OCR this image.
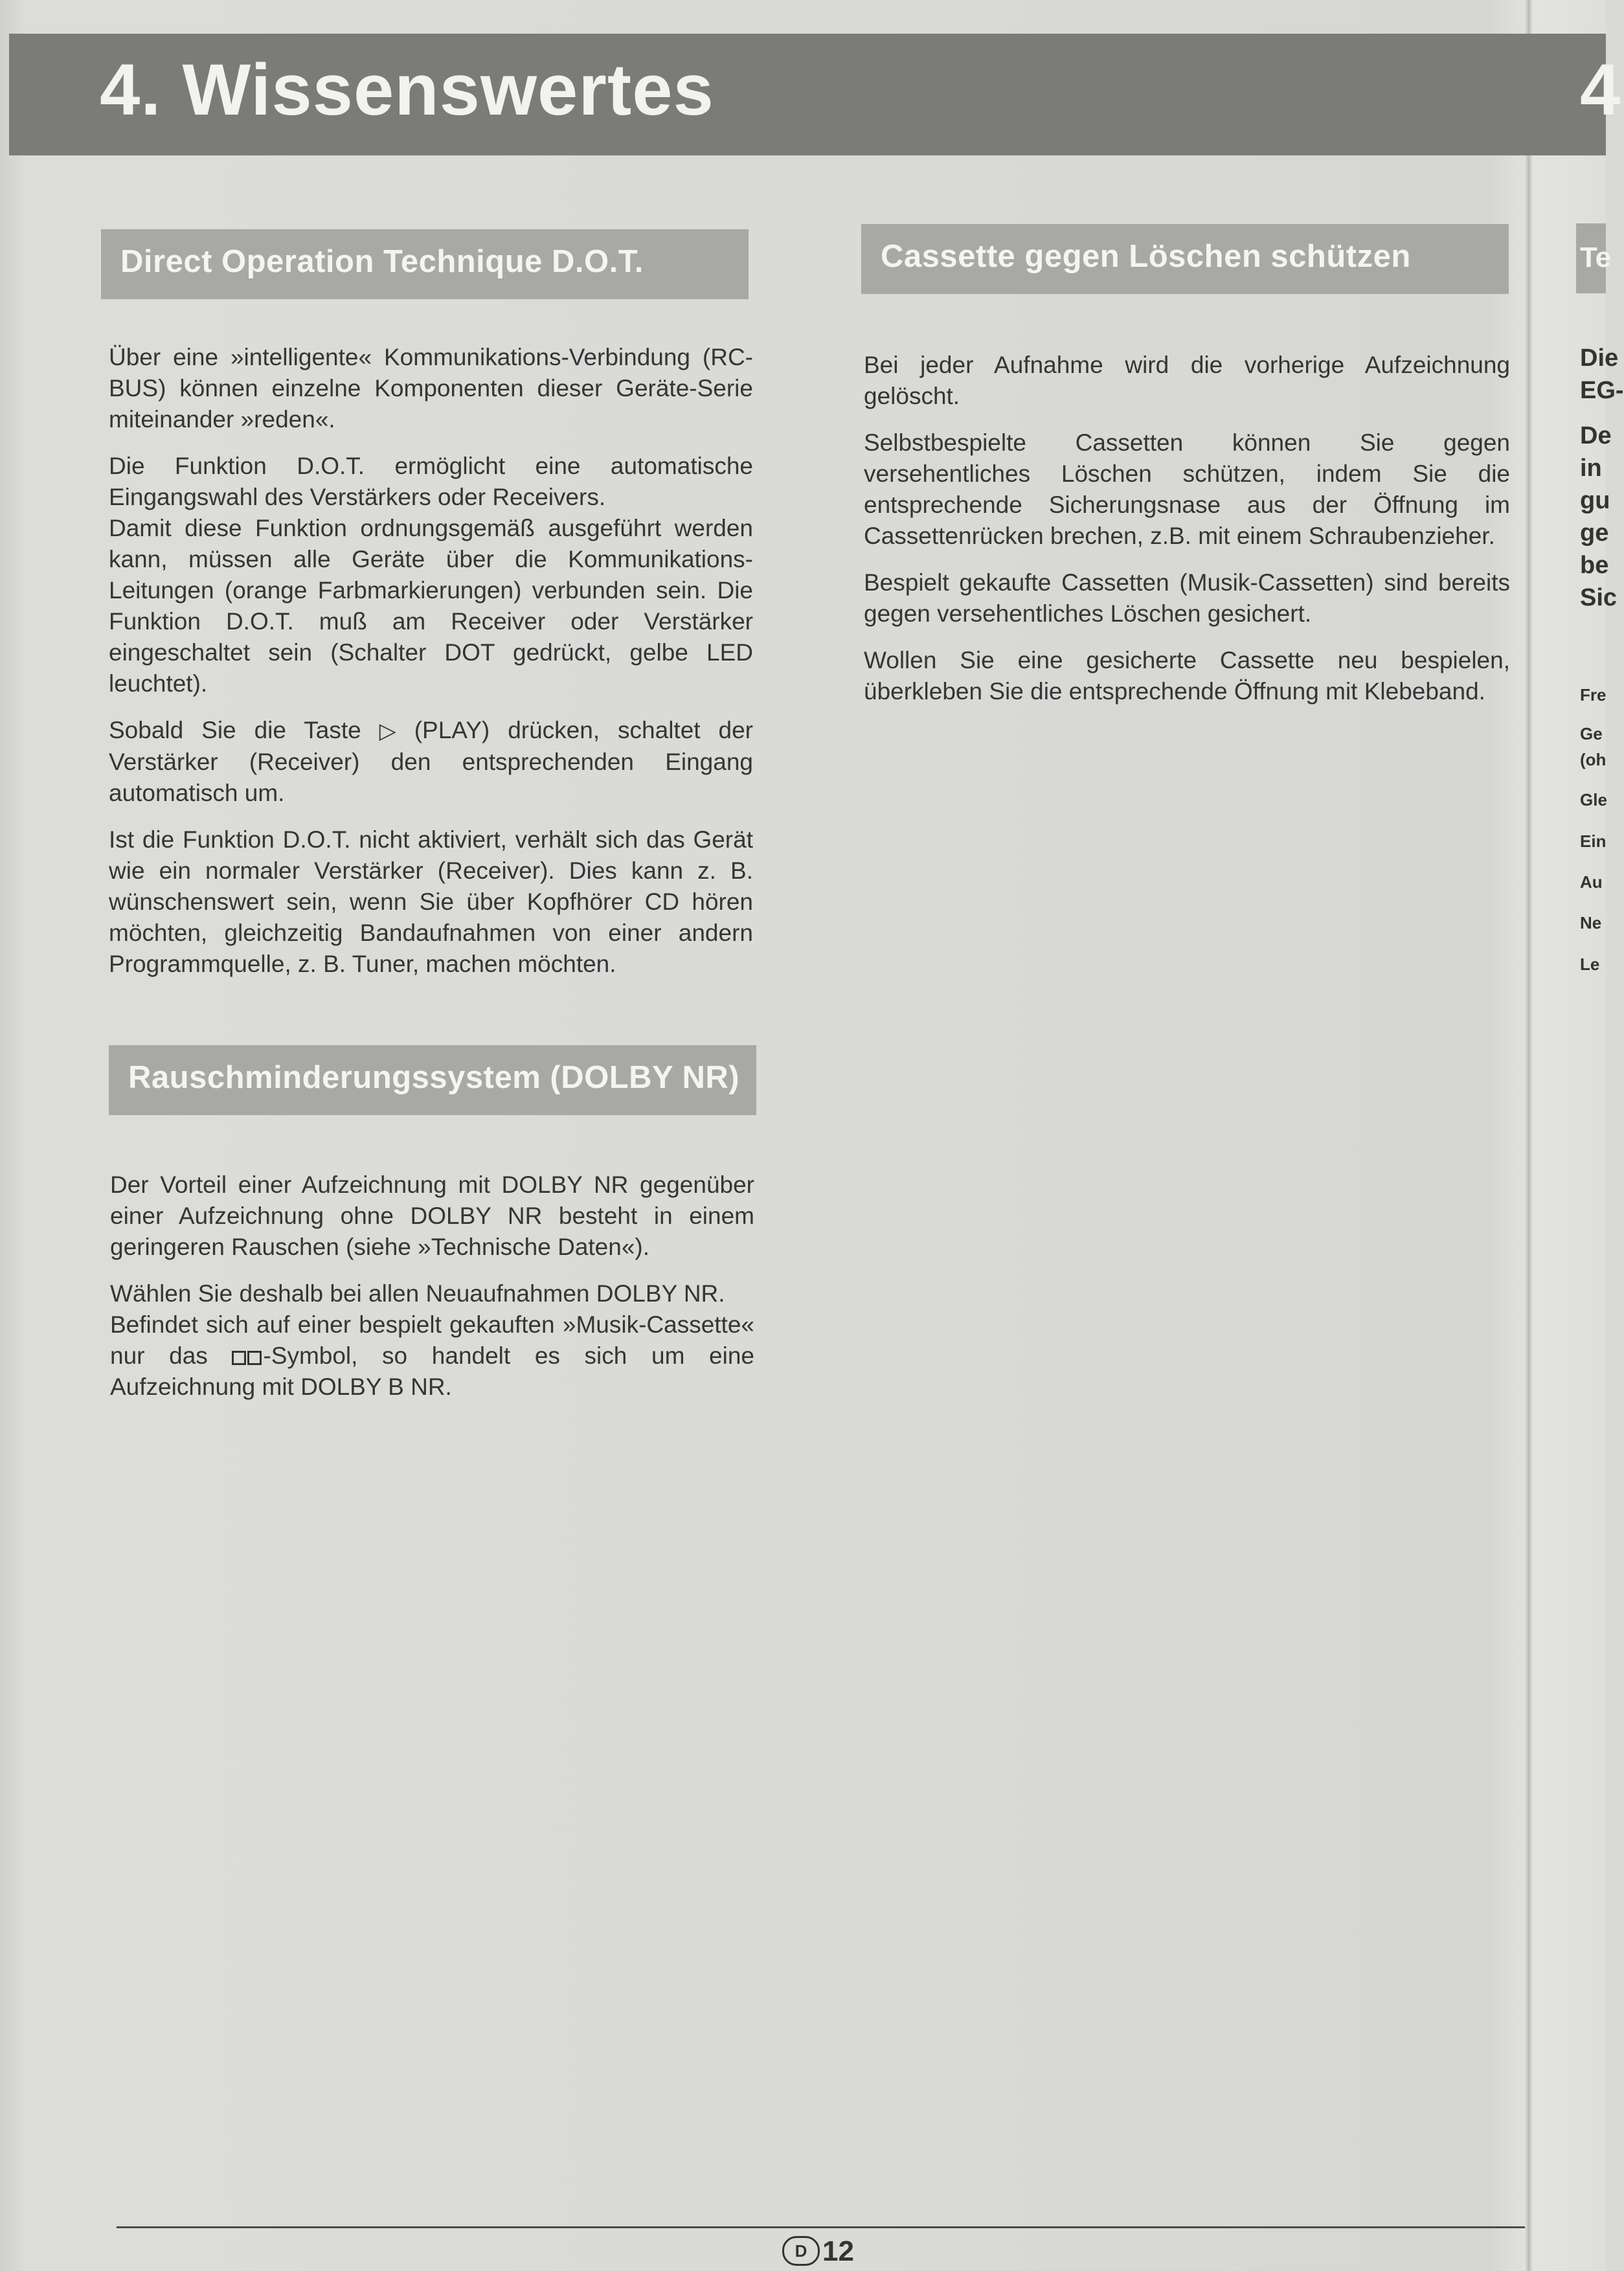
4. Wissenswertes	4
Direct Operation Technique D.O.T.

Über eine »intelligente« Kommunikations-Verbindung (RC-BUS) können einzelne Komponenten dieser Geräte-Serie miteinander »reden«.

Die Funktion D.O.T. ermöglicht eine automatische Eingangswahl des Verstärkers oder Receivers.

Damit diese Funktion ordnungsgemäß ausgeführt werden kann, müssen alle Geräte über die Kommunikations-Leitungen (orange Farbmarkierungen) verbunden sein. Die Funktion D.O.T. muß am Receiver oder Verstärker eingeschaltet sein (Schalter DOT gedrückt, gelbe LED leuchtet).

Sobald Sie die Taste ▷ (PLAY) drücken, schaltet der Verstärker (Receiver) den entsprechenden Eingang automatisch um.

Ist die Funktion D.O.T. nicht aktiviert, verhält sich das Gerät wie ein normaler Verstärker (Receiver). Dies kann z. B. wünschenswert sein, wenn Sie über Kopfhörer CD hören möchten, gleichzeitig Bandaufnahmen von einer andern Programmquelle, z. B. Tuner, machen möchten.

Rauschminderungssystem (DOLBY NR)

Der Vorteil einer Aufzeichnung mit DOLBY NR gegenüber einer Aufzeichnung ohne DOLBY NR besteht in einem geringeren Rauschen (siehe »Technische Daten«).

Wählen Sie deshalb bei allen Neuaufnahmen DOLBY NR.

Befindet sich auf einer bespielt gekauften »Musik-Cassette« nur das -Symbol, so handelt es sich um eine Aufzeichnung mit DOLBY B NR.

Cassette gegen Löschen schützen

Bei jeder Aufnahme wird die vorherige Aufzeichnung gelöscht.

Selbstbespielte Cassetten können Sie gegen versehentliches Löschen schützen, indem Sie die entsprechende Sicherungsnase aus der Öffnung im Cassettenrücken brechen, z.B. mit einem Schraubenzieher.

Bespielt gekaufte Cassetten (Musik-Cassetten) sind bereits gegen versehentliches Löschen gesichert.

Wollen Sie eine gesicherte Cassette neu bespielen, überkleben Sie die entsprechende Öffnung mit Klebeband.

Te
Die
EG-
De
in
gu
ge
be
Sic
Fre
Ge
(oh
Gle
Ein
Au
Ne
Le
D 12
